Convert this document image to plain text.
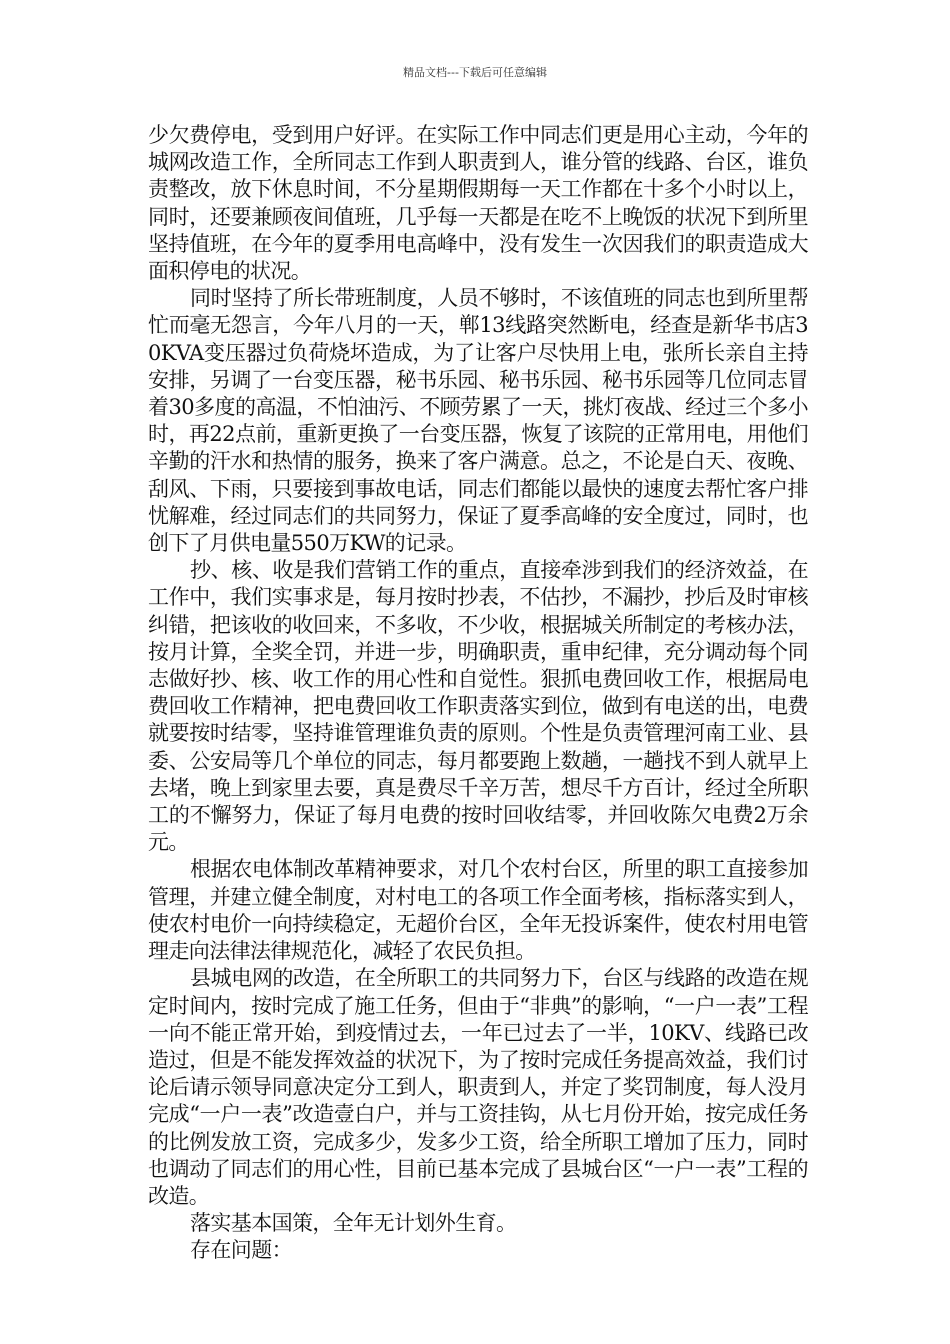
精品文档---下载后可任意编辑

少欠费停电，受到用户好评。在实际工作中同志们更是用心主动，今年的城网改造工作，全所同志工作到人职责到人，谁分管的线路、台区，谁负责整改，放下休息时间，不分星期假期每一天工作都在十多个小时以上，同时，还要兼顾夜间值班，几乎每一天都是在吃不上晚饭的状况下到所里坚持值班，在今年的夏季用电高峰中，没有发生一次因我们的职责造成大面积停电的状况。

同时坚持了所长带班制度，人员不够时，不该值班的同志也到所里帮忙而毫无怨言，今年八月的一天，郸13线路突然断电，经查是新华书店30KVA变压器过负荷烧坏造成，为了让客户尽快用上电，张所长亲自主持安排，另调了一台变压器，秘书乐园、秘书乐园、秘书乐园等几位同志冒着30多度的高温，不怕油污、不顾劳累了一天，挑灯夜战、经过三个多小时，再22点前，重新更换了一台变压器，恢复了该院的正常用电，用他们辛勤的汗水和热情的服务，换来了客户满意。总之，不论是白天、夜晚、刮风、下雨，只要接到事故电话，同志们都能以最快的速度去帮忙客户排忧解难，经过同志们的共同努力，保证了夏季高峰的安全度过，同时，也创下了月供电量550万KW的记录。

抄、核、收是我们营销工作的重点，直接牵涉到我们的经济效益，在工作中，我们实事求是，每月按时抄表，不估抄，不漏抄，抄后及时审核纠错，把该收的收回来，不多收，不少收，根据城关所制定的考核办法，按月计算，全奖全罚，并进一步，明确职责，重申纪律，充分调动每个同志做好抄、核、收工作的用心性和自觉性。狠抓电费回收工作，根据局电费回收工作精神，把电费回收工作职责落实到位，做到有电送的出，电费就要按时结零，坚持谁管理谁负责的原则。个性是负责管理河南工业、县委、公安局等几个单位的同志，每月都要跑上数趟，一趟找不到人就早上去堵，晚上到家里去要，真是费尽千辛万苦，想尽千方百计，经过全所职工的不懈努力，保证了每月电费的按时回收结零，并回收陈欠电费2万余元。

根据农电体制改革精神要求，对几个农村台区，所里的职工直接参加管理，并建立健全制度，对村电工的各项工作全面考核，指标落实到人，使农村电价一向持续稳定，无超价台区，全年无投诉案件，使农村用电管理走向法律法律规范化，减轻了农民负担。

县城电网的改造，在全所职工的共同努力下，台区与线路的改造在规定时间内，按时完成了施工任务，但由于“非典”的影响，“一户一表”工程一向不能正常开始，到疫情过去，一年已过去了一半，10KV、线路已改造过，但是不能发挥效益的状况下，为了按时完成任务提高效益，我们讨论后请示领导同意决定分工到人，职责到人，并定了奖罚制度，每人没月完成“一户一表”改造壹白户，并与工资挂钩，从七月份开始，按完成任务的比例发放工资，完成多少，发多少工资，给全所职工增加了压力，同时也调动了同志们的用心性，目前已基本完成了县城台区“一户一表”工程的改造。

落实基本国策，全年无计划外生育。

存在问题：
